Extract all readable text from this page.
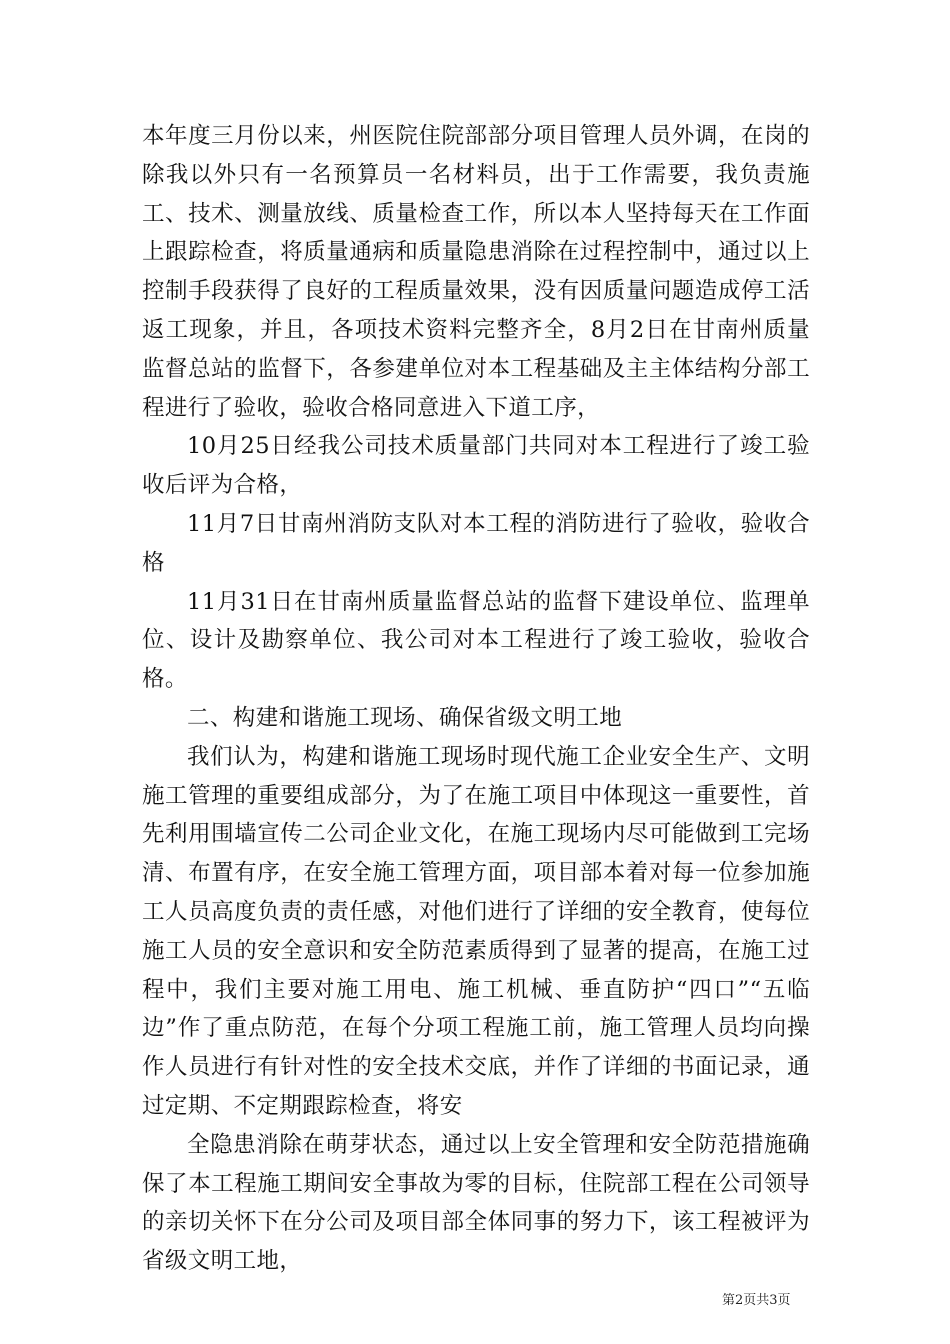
本年度三月份以来，州医院住院部部分项目管理人员外调，在岗的除我以外只有一名预算员一名材料员，出于工作需要，我负责施工、技术、测量放线、质量检查工作，所以本人坚持每天在工作面上跟踪检查，将质量通病和质量隐患消除在过程控制中，通过以上控制手段获得了良好的工程质量效果，没有因质量问题造成停工活返工现象，并且，各项技术资料完整齐全，8月2日在甘南州质量监督总站的监督下，各参建单位对本工程基础及主主体结构分部工程进行了验收，验收合格同意进入下道工序，

10月25日经我公司技术质量部门共同对本工程进行了竣工验收后评为合格，

11月7日甘南州消防支队对本工程的消防进行了验收，验收合格

11月31日在甘南州质量监督总站的监督下建设单位、监理单位、设计及勘察单位、我公司对本工程进行了竣工验收，验收合格。

二、构建和谐施工现场、确保省级文明工地

我们认为，构建和谐施工现场时现代施工企业安全生产、文明施工管理的重要组成部分，为了在施工项目中体现这一重要性，首先利用围墙宣传二公司企业文化，在施工现场内尽可能做到工完场清、布置有序，在安全施工管理方面，项目部本着对每一位参加施工人员高度负责的责任感，对他们进行了详细的安全教育，使每位施工人员的安全意识和安全防范素质得到了显著的提高，在施工过程中，我们主要对施工用电、施工机械、垂直防护“四口”“五临边”作了重点防范，在每个分项工程施工前，施工管理人员均向操作人员进行有针对性的安全技术交底，并作了详细的书面记录，通过定期、不定期跟踪检查，将安

全隐患消除在萌芽状态，通过以上安全管理和安全防范措施确保了本工程施工期间安全事故为零的目标，住院部工程在公司领导的亲切关怀下在分公司及项目部全体同事的努力下，该工程被评为省级文明工地，

第2页共3页
